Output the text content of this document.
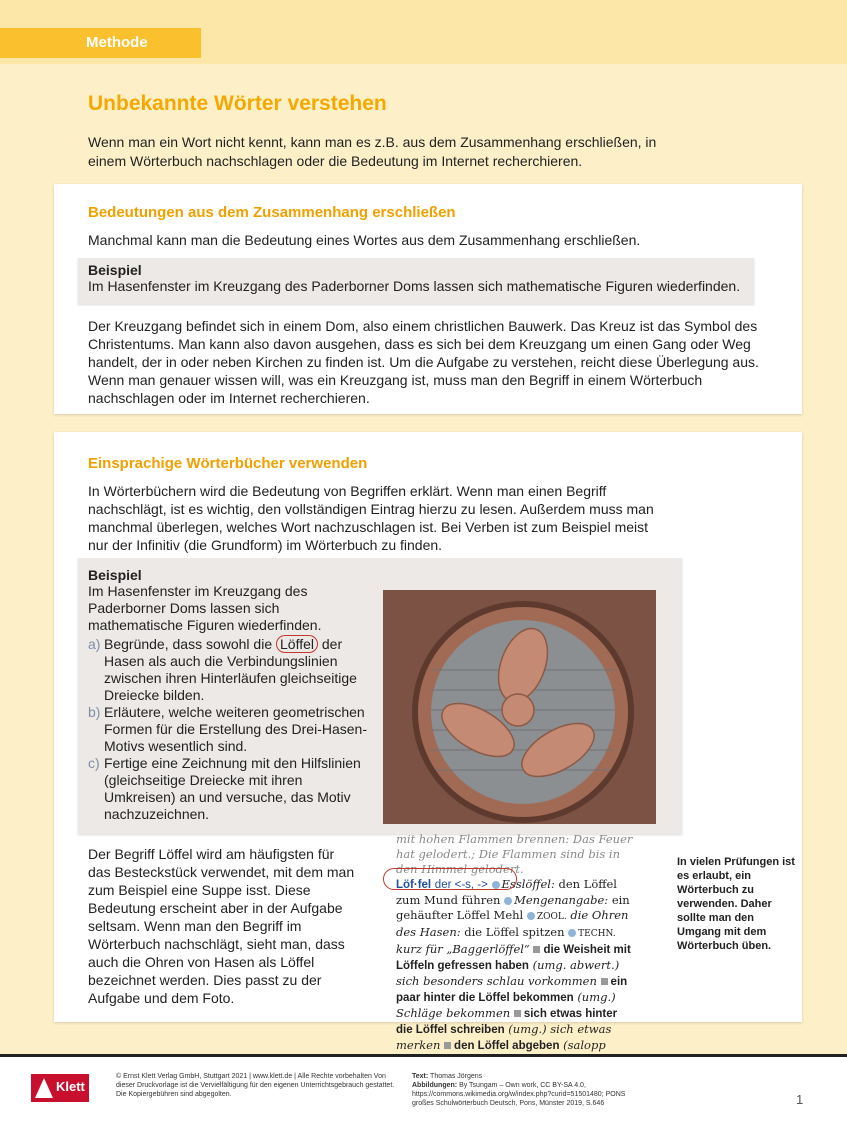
Methode
Unbekannte Wörter verstehen

Wenn man ein Wort nicht kennt, kann man es z.B. aus dem Zusammenhang erschließen, in einem Wörterbuch nachschlagen oder die Bedeutung im Internet recherchieren.

Bedeutungen aus dem Zusammenhang erschließen

Manchmal kann man die Bedeutung eines Wortes aus dem Zusammenhang erschließen.

Beispiel

Im Hasenfenster im Kreuzgang des Paderborner Doms lassen sich mathematische Figuren wiederfinden.

Der Kreuzgang befindet sich in einem Dom, also einem christlichen Bauwerk. Das Kreuz ist das Symbol des Christentums. Man kann also davon ausgehen, dass es sich bei dem Kreuzgang um einen Gang oder Weg handelt, der in oder neben Kirchen zu finden ist. Um die Aufgabe zu verstehen, reicht diese Überlegung aus. Wenn man genauer wissen will, was ein Kreuzgang ist, muss man den Begriff in einem Wörterbuch nachschlagen oder im Internet recherchieren.

Einsprachige Wörterbücher verwenden

In Wörterbüchern wird die Bedeutung von Begriffen erklärt. Wenn man einen Begriff nachschlägt, ist es wichtig, den vollständigen Eintrag hierzu zu lesen. Außerdem muss man manchmal überlegen, welches Wort nachzuschlagen ist. Bei Verben ist zum Beispiel meist nur der Infinitiv (die Grundform) im Wörterbuch zu finden.

Beispiel

Im Hasenfenster im Kreuzgang des Paderborner Doms lassen sich mathematische Figuren wiederfinden.

a) Begründe, dass sowohl die Löffel der Hasen als auch die Verbindungslinien zwischen ihren Hinterläufen gleichseitige Dreiecke bilden.
b) Erläutere, welche weiteren geometrischen Formen für die Erstellung des Drei-Hasen-Motivs wesentlich sind.
c) Fertige eine Zeichnung mit den Hilfslinien (gleichseitige Dreiecke mit ihren Umkreisen) an und versuche, das Motiv nachzuzeichnen.

Der Begriff Löffel wird am häufigsten für das Besteckstück verwendet, mit dem man zum Beispiel eine Suppe isst. Diese Bedeutung erscheint aber in der Aufgabe seltsam. Wenn man den Begriff im Wörterbuch nachschlägt, sieht man, dass auch die Ohren von Hasen als Löffel bezeichnet werden. Dies passt zu der Aufgabe und dem Foto.

mit hohen Flammen brennen: Das Feuer hat gelodert.; Die Flammen sind bis in den Himmel gelodert.

Löf·fel der <-s, -> Esslöffel: den Löffel zum Mund führen Mengenangabe: ein gehäufter Löffel Mehl ZOOL. die Ohren des Hasen: die Löffel spitzen TECHN. kurz für „Baggerlöffel“ die Weisheit mit Löffeln gefressen haben (umg. abwert.) sich besonders schlau vorkommen ein paar hinter die Löffel bekommen (umg.) Schläge bekommen sich etwas hinter die Löffel schreiben (umg.) sich etwas merken den Löffel abgeben (salopp

In vielen Prüfungen ist es erlaubt, ein Wörterbuch zu verwenden. Daher sollte man den Umgang mit dem Wörterbuch üben.

Klett

© Ernst Klett Verlag GmbH, Stuttgart 2021 | www.klett.de | Alle Rechte vorbehalten Von dieser Druckvorlage ist die Vervielfältigung für den eigenen Unterrichtsgebrauch gestattet. Die Kopiergebühren sind abgegolten.

Text: Thomas Jörgens
Abbildungen: By Tsungam – Own work, CC BY-SA 4.0, https://commons.wikimedia.org/w/index.php?curid=51501480; PONS großes Schulwörterbuch Deutsch, Pons, Münster 2019, S.646	1
